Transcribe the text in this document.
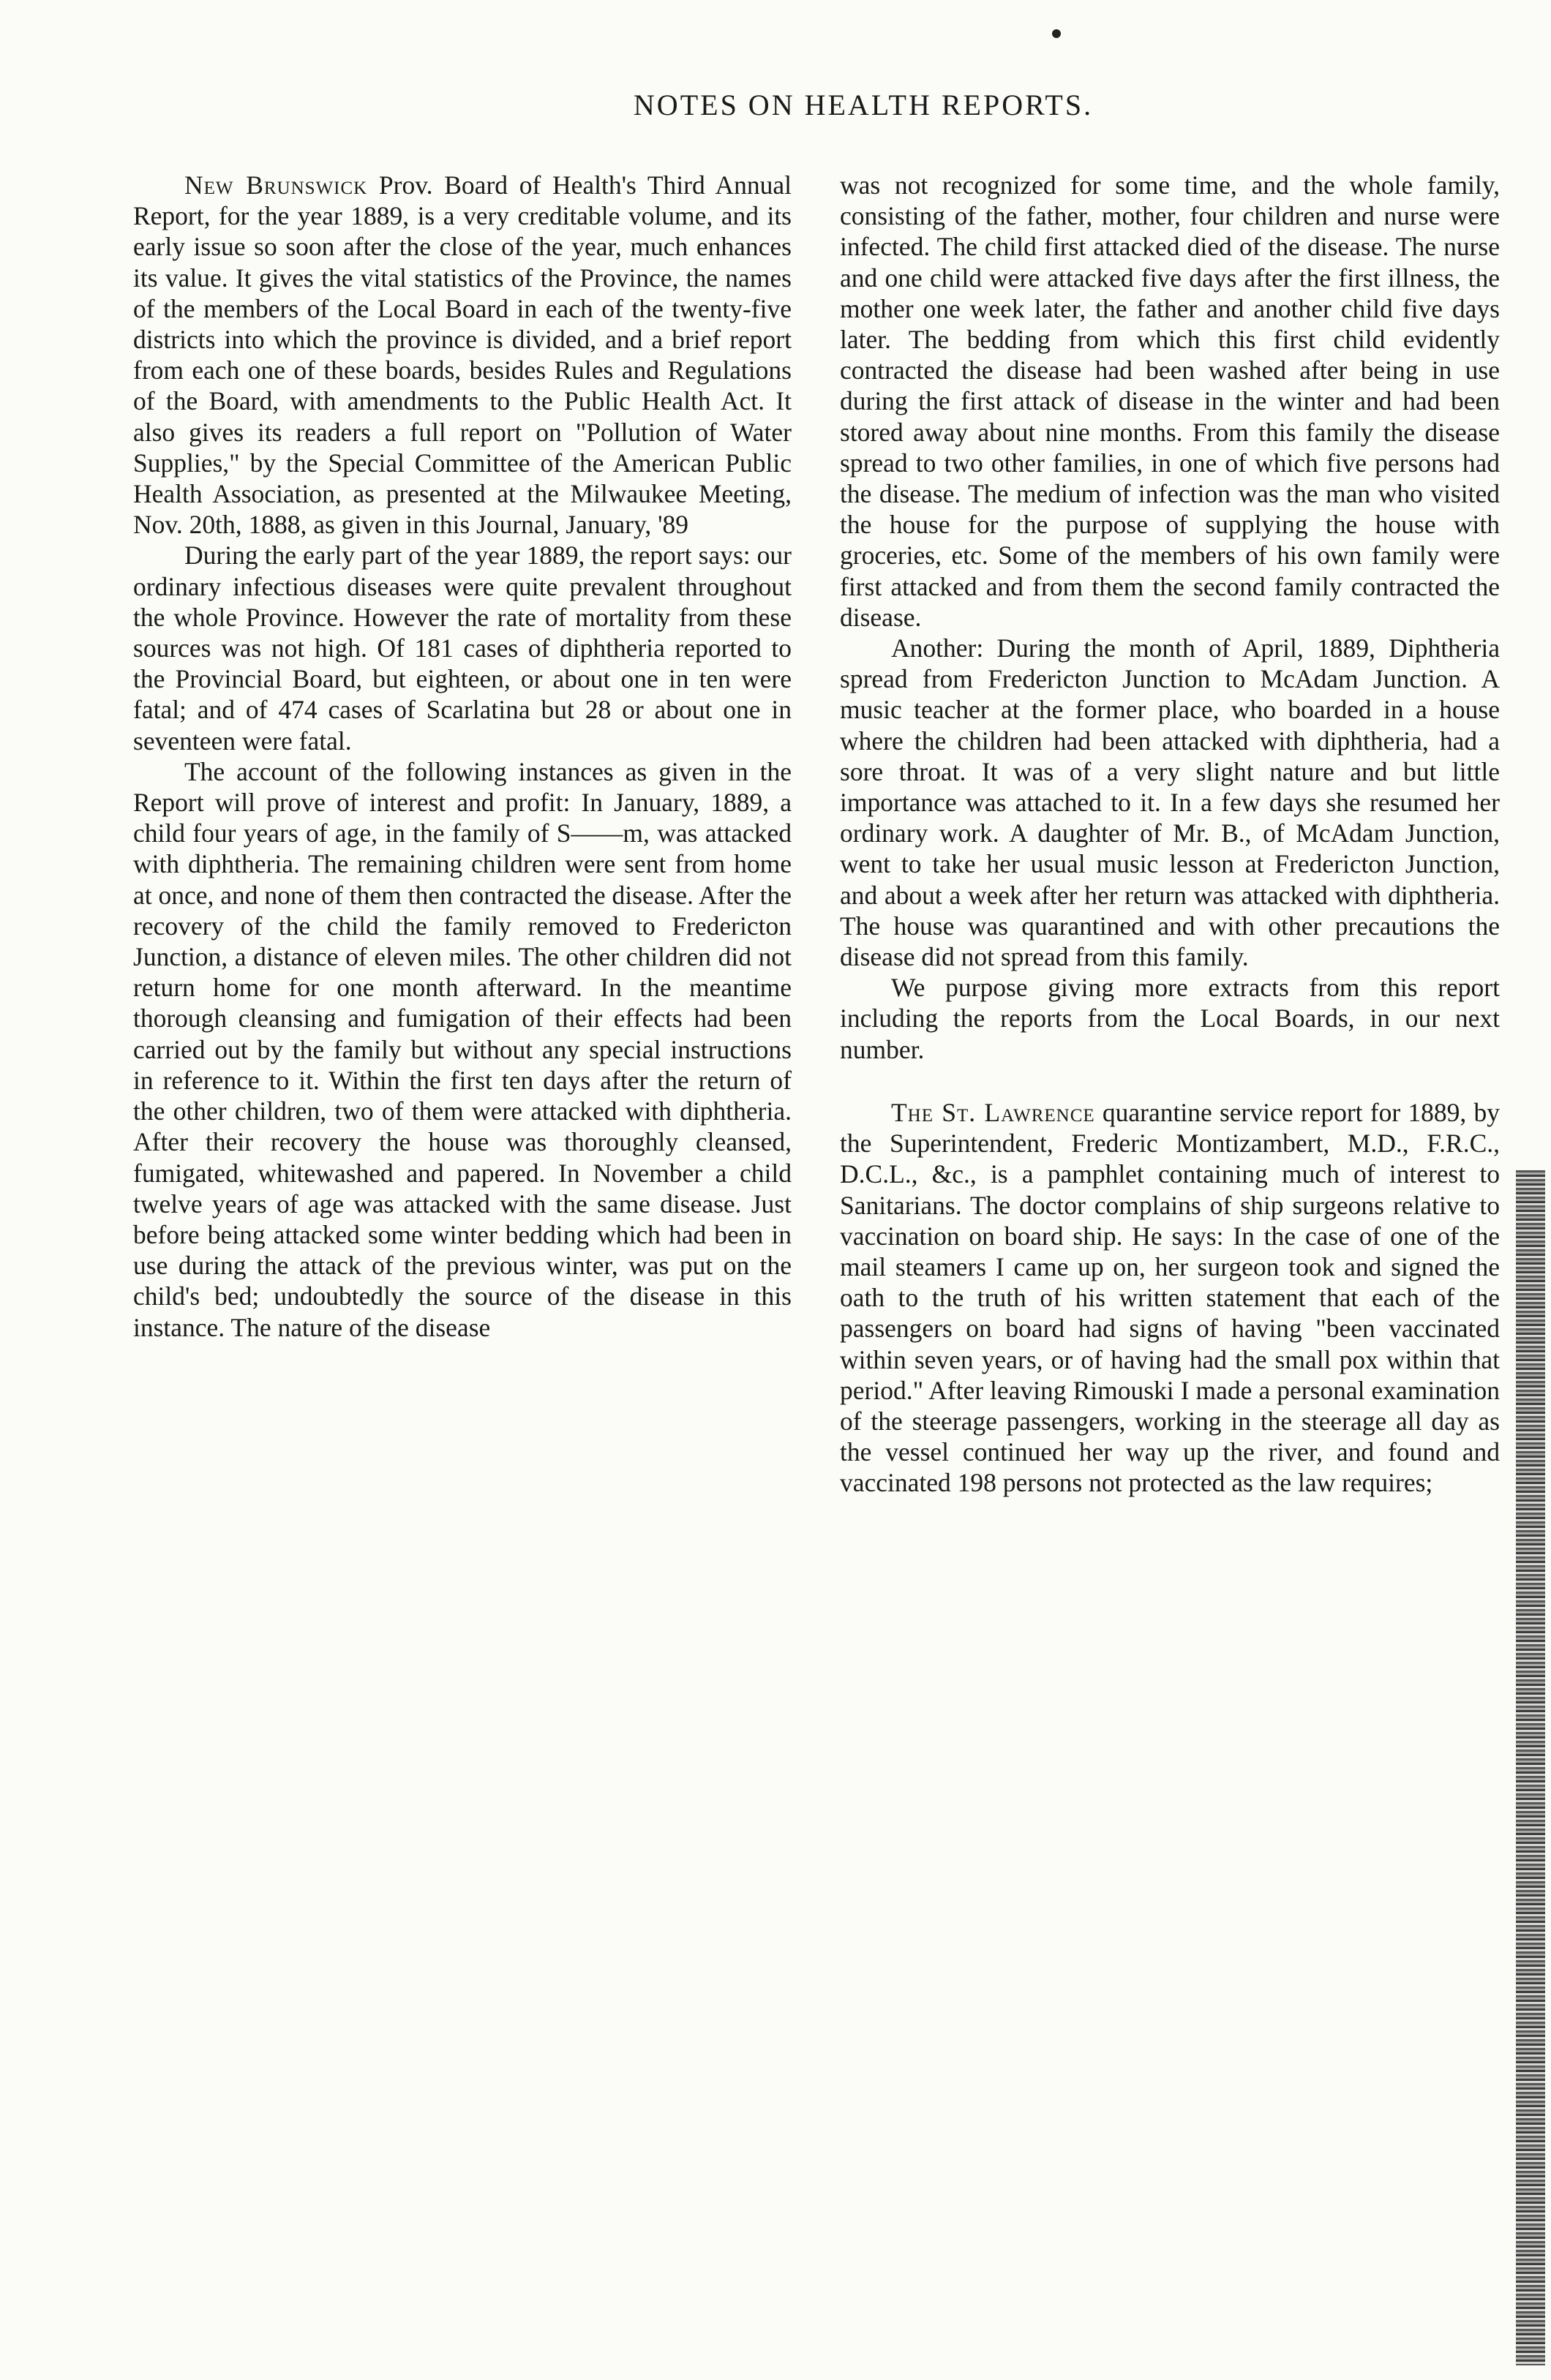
NOTES ON HEALTH REPORTS.

New Brunswick Prov. Board of Health's Third Annual Report, for the year 1889, is a very creditable volume, and its early issue so soon after the close of the year, much enhances its value. It gives the vital statistics of the Province, the names of the members of the Local Board in each of the twenty-five districts into which the province is divided, and a brief report from each one of these boards, besides Rules and Regulations of the Board, with amendments to the Public Health Act. It also gives its readers a full report on "Pollution of Water Supplies," by the Special Committee of the American Public Health Association, as presented at the Milwaukee Meeting, Nov. 20th, 1888, as given in this Journal, January, '89

During the early part of the year 1889, the report says: our ordinary infectious diseases were quite prevalent throughout the whole Province. However the rate of mortality from these sources was not high. Of 181 cases of diphtheria reported to the Provincial Board, but eighteen, or about one in ten were fatal; and of 474 cases of Scarlatina but 28 or about one in seventeen were fatal.

The account of the following instances as given in the Report will prove of interest and profit: In January, 1889, a child four years of age, in the family of S——m, was attacked with diphtheria. The remaining children were sent from home at once, and none of them then contracted the disease. After the recovery of the child the family removed to Fredericton Junction, a distance of eleven miles. The other children did not return home for one month afterward. In the meantime thorough cleansing and fumigation of their effects had been carried out by the family but without any special instructions in reference to it. Within the first ten days after the return of the other children, two of them were attacked with diphtheria. After their recovery the house was thoroughly cleansed, fumigated, whitewashed and papered. In November a child twelve years of age was attacked with the same disease. Just before being attacked some winter bedding which had been in use during the attack of the previous winter, was put on the child's bed; undoubtedly the source of the disease in this instance. The nature of the disease

was not recognized for some time, and the whole family, consisting of the father, mother, four children and nurse were infected. The child first attacked died of the disease. The nurse and one child were attacked five days after the first illness, the mother one week later, the father and another child five days later. The bedding from which this first child evidently contracted the disease had been washed after being in use during the first attack of disease in the winter and had been stored away about nine months. From this family the disease spread to two other families, in one of which five persons had the disease. The medium of infection was the man who visited the house for the purpose of supplying the house with groceries, etc. Some of the members of his own family were first attacked and from them the second family contracted the disease.

Another: During the month of April, 1889, Diphtheria spread from Fredericton Junction to McAdam Junction. A music teacher at the former place, who boarded in a house where the children had been attacked with diphtheria, had a sore throat. It was of a very slight nature and but little importance was attached to it. In a few days she resumed her ordinary work. A daughter of Mr. B., of McAdam Junction, went to take her usual music lesson at Fredericton Junction, and about a week after her return was attacked with diphtheria. The house was quarantined and with other precautions the disease did not spread from this family.

We purpose giving more extracts from this report including the reports from the Local Boards, in our next number.

The St. Lawrence quarantine service report for 1889, by the Superintendent, Frederic Montizambert, M.D., F.R.C., D.C.L., &c., is a pamphlet containing much of interest to Sanitarians. The doctor complains of ship surgeons relative to vaccination on board ship. He says: In the case of one of the mail steamers I came up on, her surgeon took and signed the oath to the truth of his written statement that each of the passengers on board had signs of having "been vaccinated within seven years, or of having had the small pox within that period." After leaving Rimouski I made a personal examination of the steerage passengers, working in the steerage all day as the vessel continued her way up the river, and found and vaccinated 198 persons not protected as the law requires;
